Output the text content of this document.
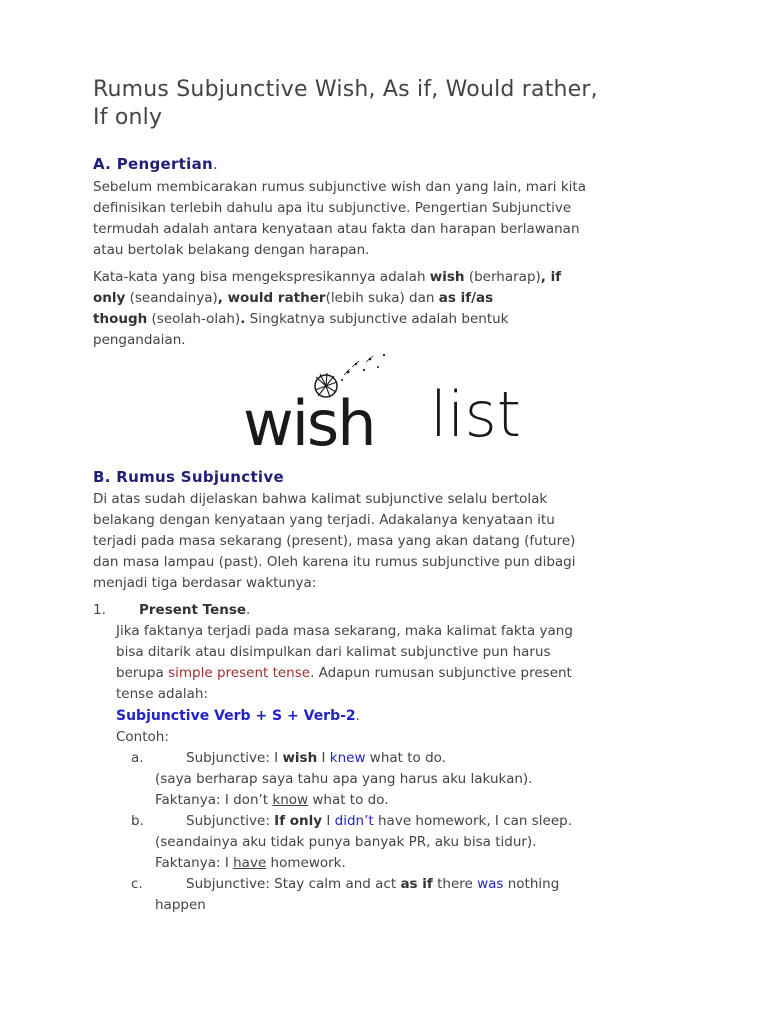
Rumus Subjunctive Wish, As if, Would rather,
If only
A. Pengertian.

Sebelum membicarakan rumus subjunctive wish dan yang lain, mari kita

definisikan terlebih dahulu apa itu subjunctive. Pengertian Subjunctive

termudah adalah antara kenyataan atau fakta dan harapan berlawanan

atau bertolak belakang dengan harapan.

Kata-kata yang bisa mengekspresikannya adalah wish (berharap), if

only (seandainya), would rather(lebih suka) dan as if/as

though (seolah-olah). Singkatnya subjunctive adalah bentuk

pengandaian.

wish list
B. Rumus Subjunctive

Di atas sudah dijelaskan bahwa kalimat subjunctive selalu bertolak

belakang dengan kenyataan yang terjadi. Adakalanya kenyataan itu

terjadi pada masa sekarang (present), masa yang akan datang (future)

dan masa lampau (past). Oleh karena itu rumus subjunctive pun dibagi

menjadi tiga berdasar waktunya:

1. Present Tense.
Jika faktanya terjadi pada masa sekarang, maka kalimat fakta yang
bisa ditarik atau disimpulkan dari kalimat subjunctive pun harus
berupa simple present tense. Adapun rumusan subjunctive present
tense adalah:
Subjunctive Verb + S + Verb-2.
Contoh:
a.	Subjunctive: I wish I knew what to do.
(saya berharap saya tahu apa yang harus aku lakukan).
Faktanya: I don’t know what to do.
b.	Subjunctive: If only I didn’t have homework, I can sleep.
(seandainya aku tidak punya banyak PR, aku bisa tidur).
Faktanya: I have homework.
c.	Subjunctive: Stay calm and act as if there was nothing
happen
